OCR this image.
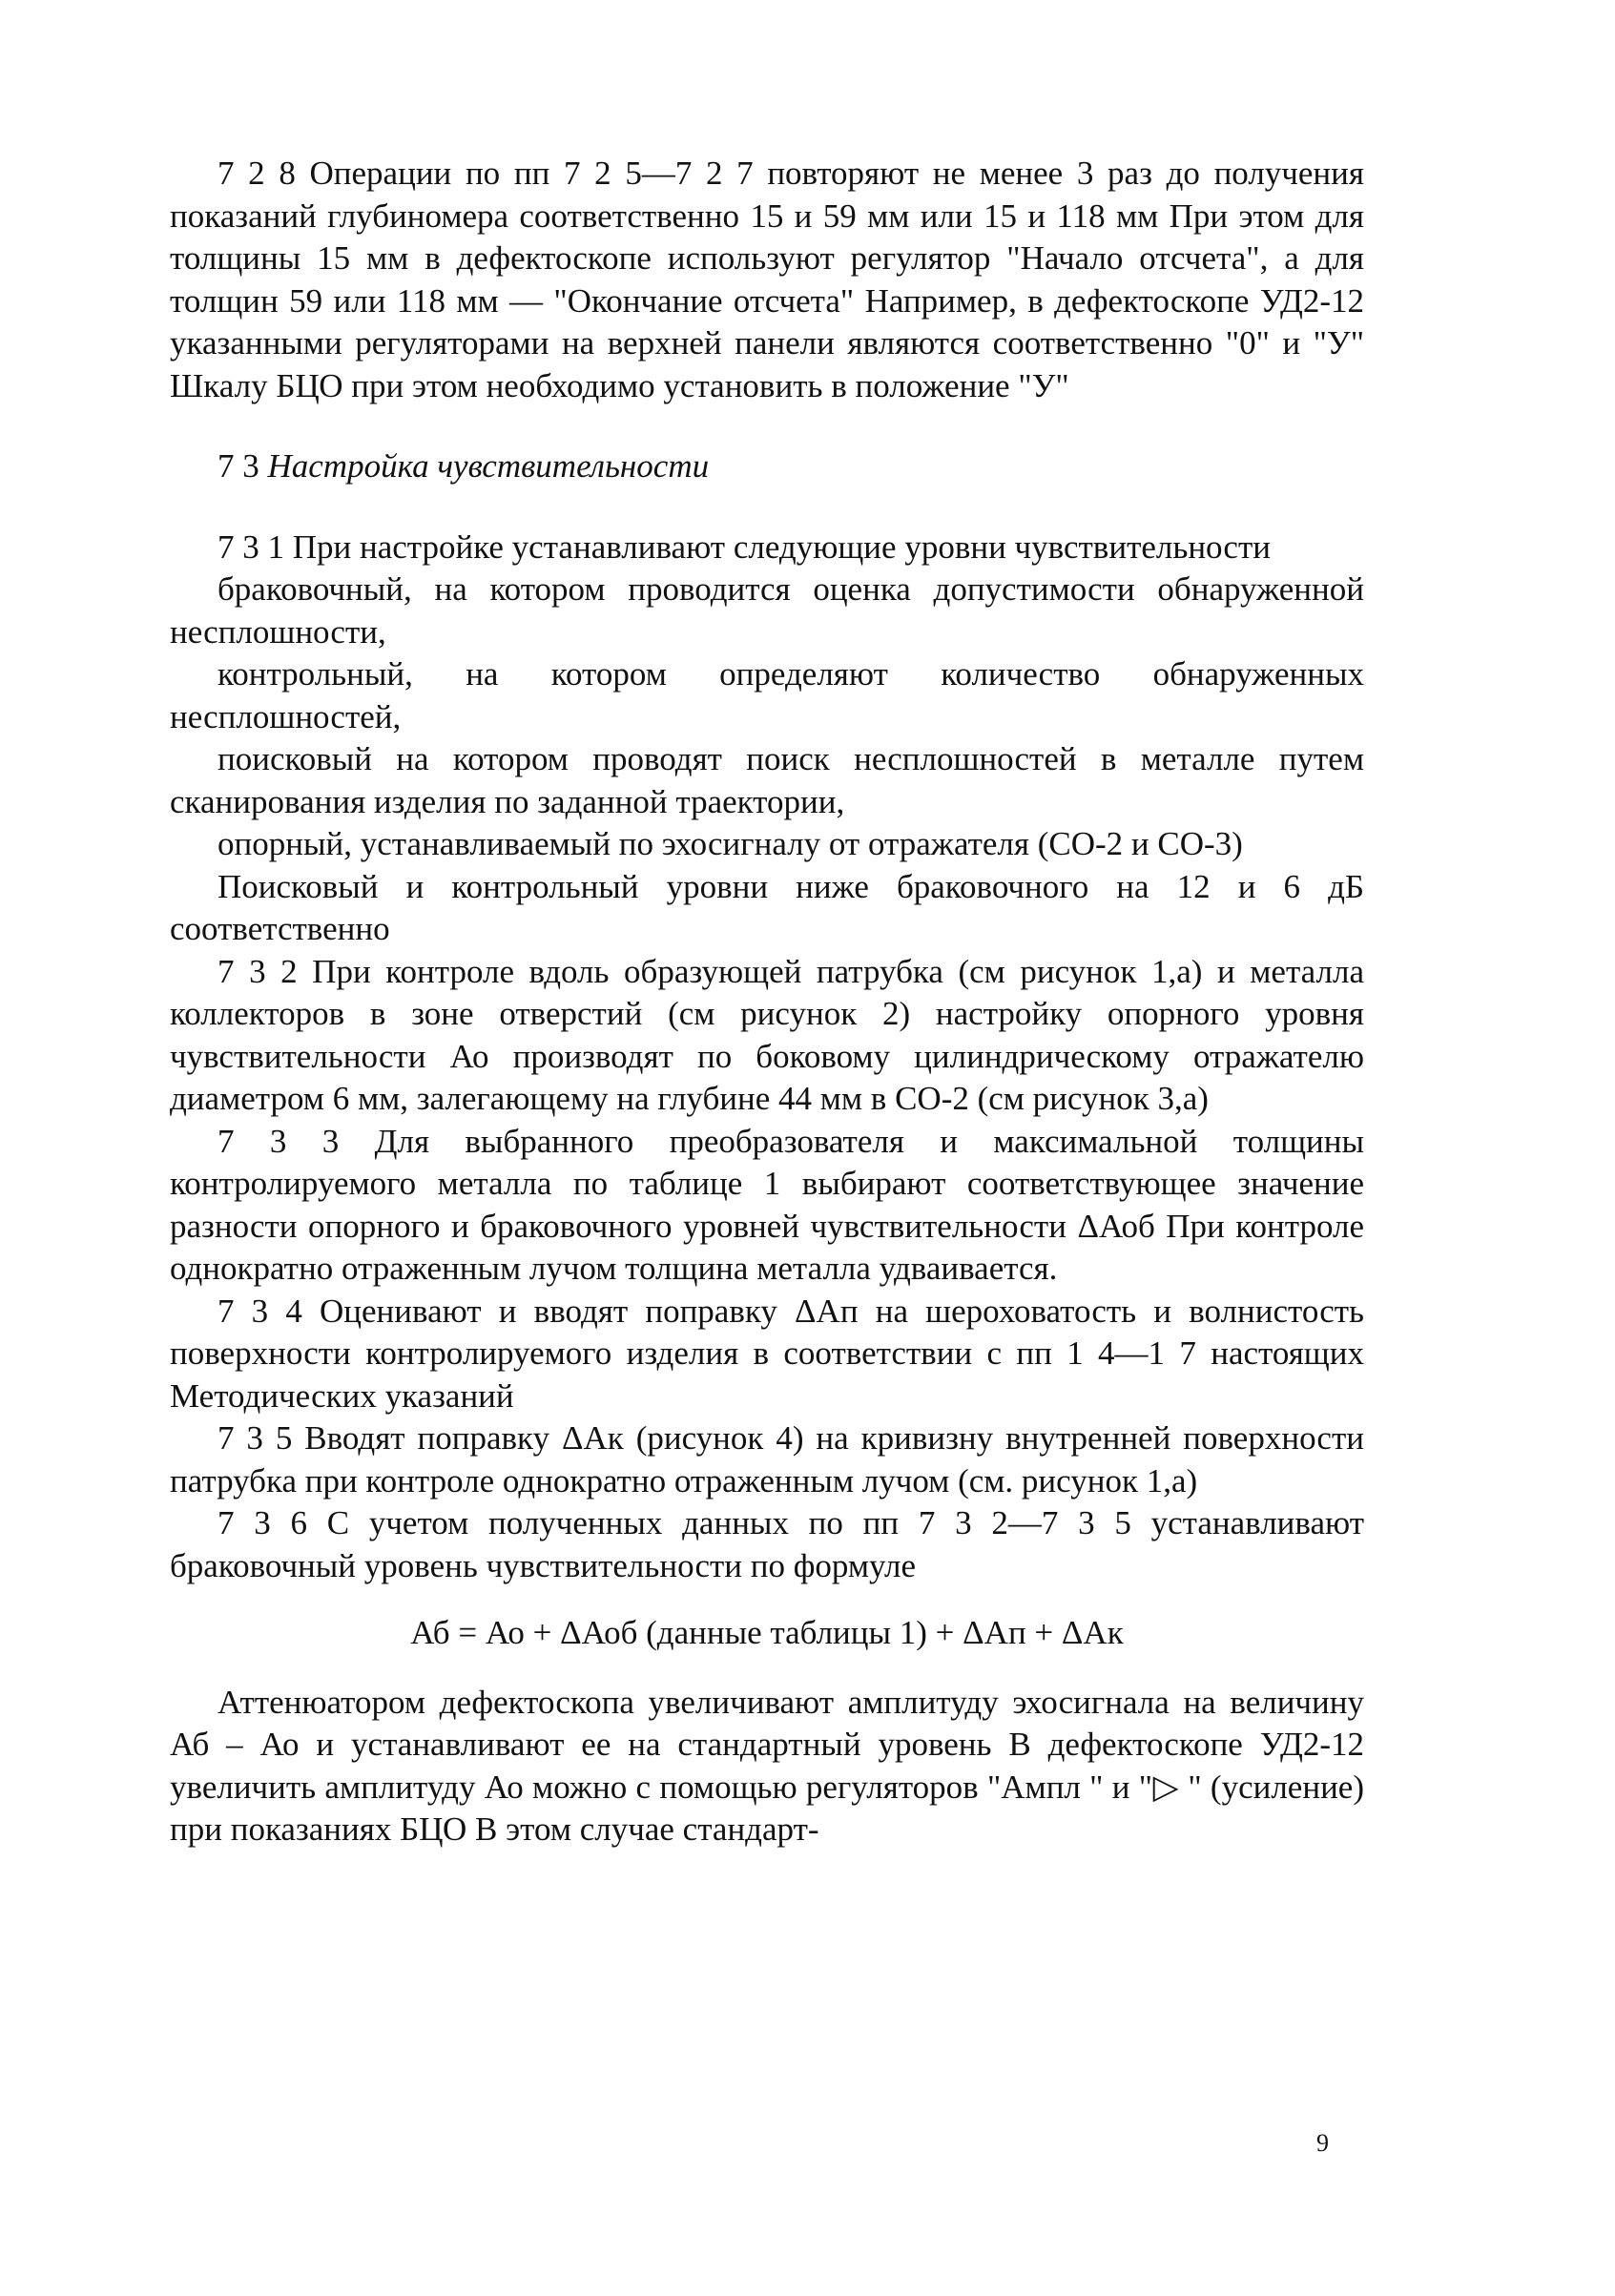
7 2 8 Операции по пп 7 2 5—7 2 7 повторяют не менее 3 раз до получения показаний глубиномера соответственно 15 и 59 мм или 15 и 118 мм При этом для толщины 15 мм в дефектоскопе используют регулятор "Начало отсчета", а для толщин 59 или 118 мм — "Окончание отсчета" Например, в дефектоскопе УД2-12 указанными регуляторами на верхней панели являются соответственно "0" и "У" Шкалу БЦО при этом необходимо установить в положение "У"

7 3 Настройка чувствительности

7 3 1 При настройке устанавливают следующие уровни чувствительности

браковочный, на котором проводится оценка допустимости обнаруженной несплошности,

контрольный, на котором определяют количество обнаруженных несплошностей,

поисковый на котором проводят поиск несплошностей в металле путем сканирования изделия по заданной траектории,

опорный, устанавливаемый по эхосигналу от отражателя (СО-2 и СО-3)

Поисковый и контрольный уровни ниже браковочного на 12 и 6 дБ соответственно

7 3 2 При контроле вдоль образующей патрубка (см рисунок 1,а) и металла коллекторов в зоне отверстий (см рисунок 2) настройку опорного уровня чувствительности Ао производят по боковому цилиндрическому отражателю диаметром 6 мм, залегающему на глубине 44 мм в СО-2 (см рисунок 3,а)

7 3 3 Для выбранного преобразователя и максимальной толщины контролируемого металла по таблице 1 выбирают соответствующее значение разности опорного и браковочного уровней чувствительности ΔАоб При контроле однократно отраженным лучом толщина металла удваивается.

7 3 4 Оценивают и вводят поправку ΔАп на шероховатость и волнистость поверхности контролируемого изделия в соответствии с пп 1 4—1 7 настоящих Методических указаний

7 3 5 Вводят поправку ΔАк (рисунок 4) на кривизну внутренней поверхности патрубка при контроле однократно отраженным лучом (см. рисунок 1,а)

7 3 6 С учетом полученных данных по пп 7 3 2—7 3 5 устанавливают браковочный уровень чувствительности по формуле

Аб = Ао + ΔАоб (данные таблицы 1) + ΔАп + ΔАк

Аттенюатором дефектоскопа увеличивают амплитуду эхосигнала на величину Аб – Ао и устанавливают ее на стандартный уровень В дефектоскопе УД2-12 увеличить амплитуду Ао можно с помощью регуляторов "Ампл " и "▷ " (усиление) при показаниях БЦО В этом случае стандарт-

9
